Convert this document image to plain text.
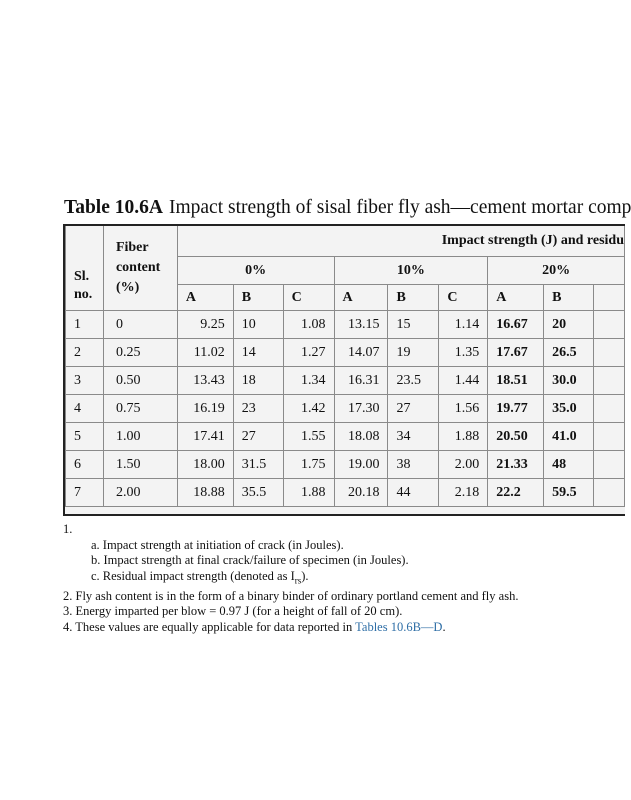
Table 10.6A Impact strength of sisal fiber fly ash—cement mortar comp
Sl. no.	Fiber content (%)	Impact strength (J) and residu								
		0%			10%			20%		
		A	B	C	A	B	C	A	B	
1	0	9.25	10	1.08	13.15	15	1.14	16.67	20	
2	0.25	11.02	14	1.27	14.07	19	1.35	17.67	26.5	
3	0.50	13.43	18	1.34	16.31	23.5	1.44	18.51	30.0	
4	0.75	16.19	23	1.42	17.30	27	1.56	19.77	35.0	
5	1.00	17.41	27	1.55	18.08	34	1.88	20.50	41.0	
6	1.50	18.00	31.5	1.75	19.00	38	2.00	21.33	48	
7	2.00	18.88	35.5	1.88	20.18	44	2.18	22.2	59.5	
1.
a. Impact strength at initiation of crack (in Joules).
b. Impact strength at final crack/failure of specimen (in Joules).
c. Residual impact strength (denoted as $I_{rs}$).
2. Fly ash content is in the form of a binary binder of ordinary portland cement and fly ash.
3. Energy imparted per blow = 0.97 J (for a height of fall of 20 cm).
4. These values are equally applicable for data reported in Tables 10.6B—D.
